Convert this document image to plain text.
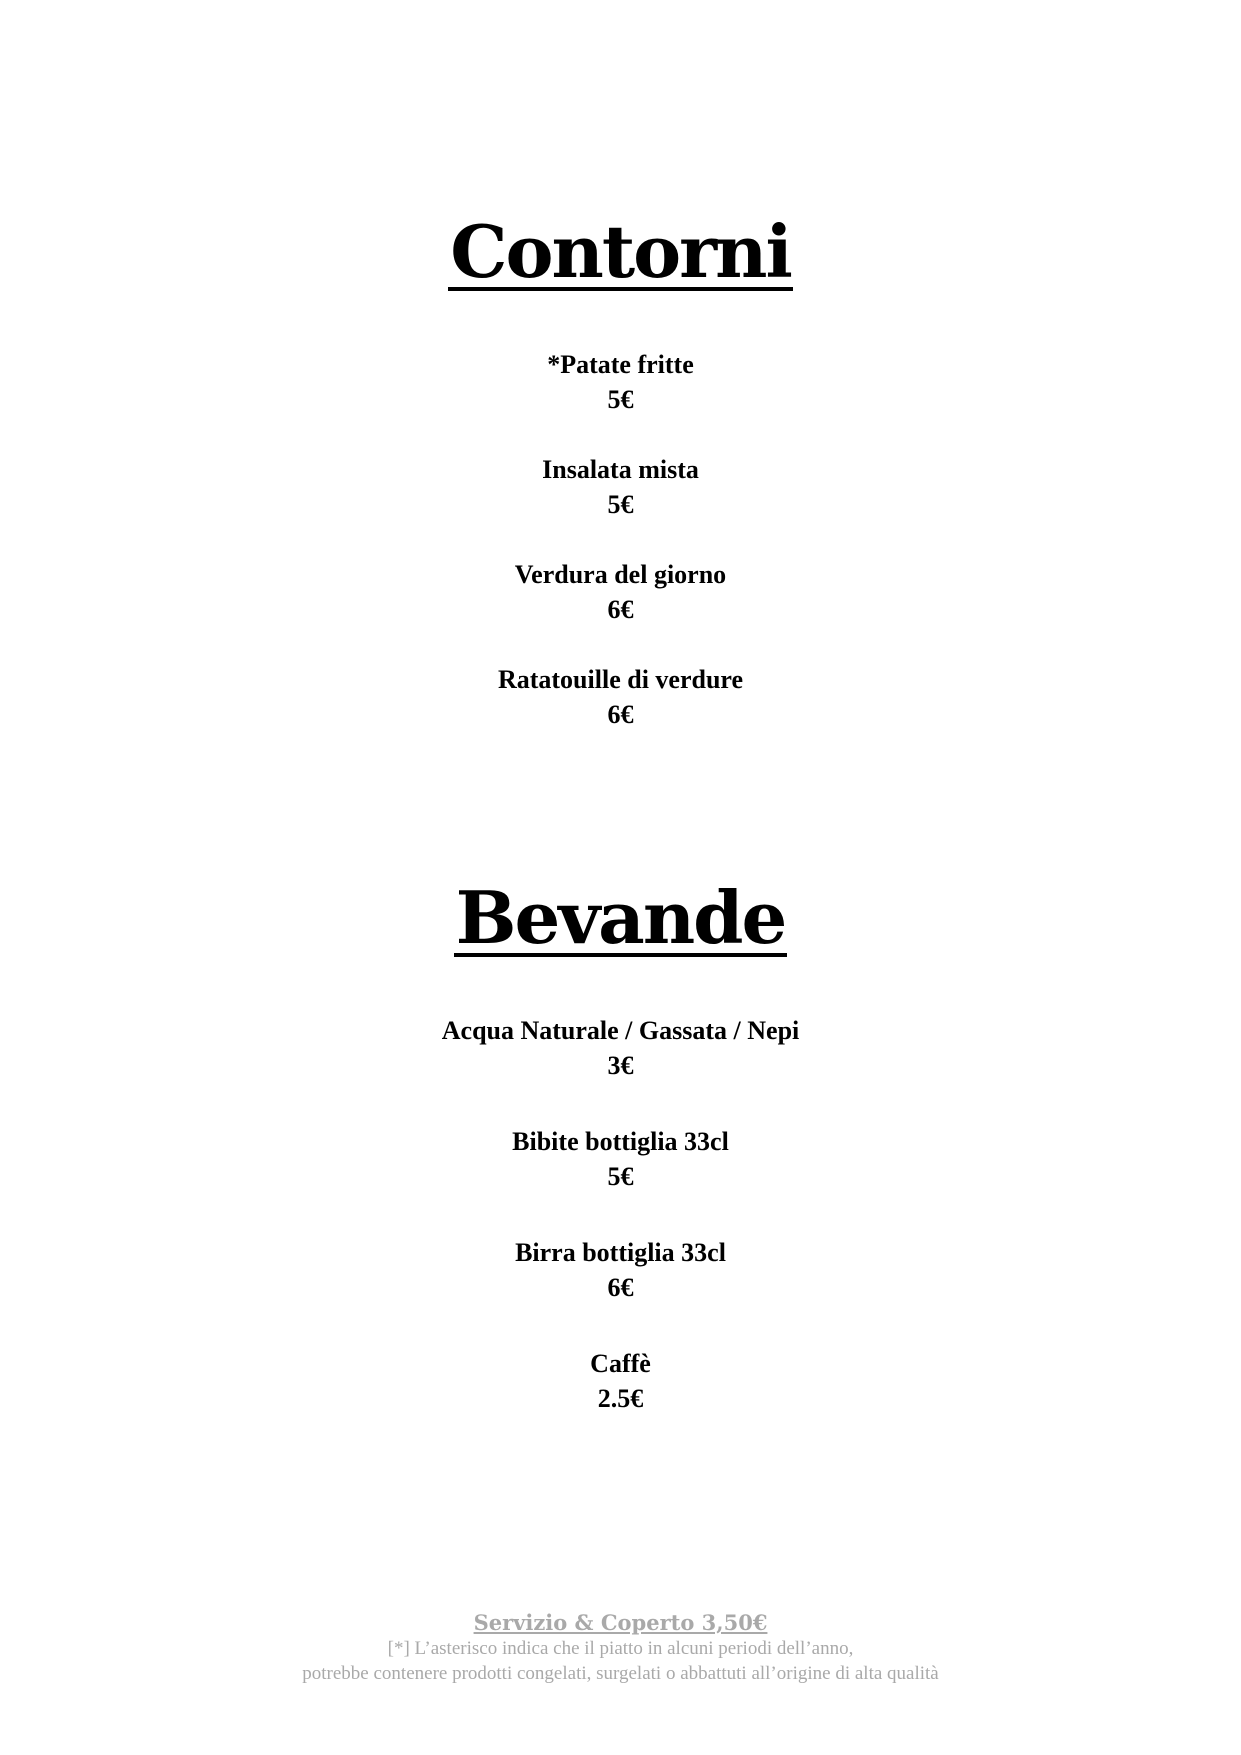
Contorni
*Patate fritte
5€
Insalata mista
5€
Verdura del giorno
6€
Ratatouille di verdure
6€
Bevande
Acqua Naturale / Gassata / Nepi
3€
Bibite bottiglia 33cl
5€
Birra bottiglia 33cl
6€
Caffè
2.5€
Servizio & Coperto 3,50€
[*] L’asterisco indica che il piatto in alcuni periodi dell’anno,
potrebbe contenere prodotti congelati, surgelati o abbattuti all’origine di alta qualità
